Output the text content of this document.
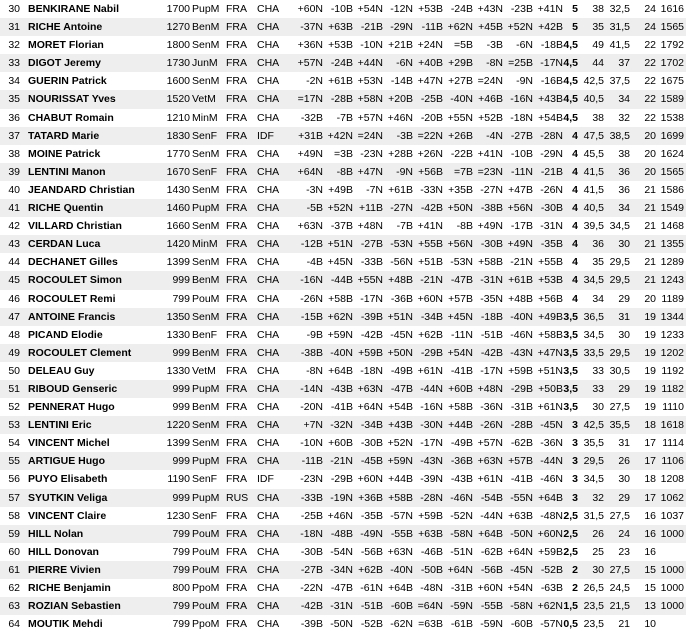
30 BENKIRANE Nabil	1700 PupM FRA CHA	+60N -10B +54N -12N +53B -24B +43N -23B +41N 5	38 32,5	24 1616
31 RICHE Antoine	1270 BenM FRA CHA	-37N +63B -21B -29N -11B +62N +45B +52N +42B 5	35 31,5	24 1565
32 MORET Florian	1800 SenM FRA CHA	+36N +53B -10N +21B +24N	=5B	-3B	-6N -18B 4,5	49 41,5	22 1792
33 DIGOT Jeremy	1730 JunM FRA CHA	+57N -24B +44N	-6N +40B +29B	-8N =25B -17N 4,5	44	37	22 1702
34 GUERIN Patrick	1600 SenM FRA CHA	-2N +61B +53N -14B +47N +27B =24N	-9N -16B 4,5 42,5 37,5	22 1675
35 NOURISSAT Yves	1520 VetM FRA CHA	=17N -28B +58N +20B -25B -40N +46B -16N +43B 4,5 40,5	34	22 1589
36 CHABUT Romain	1210 MinM FRA CHA	-32B	-7B +57N +46N -20B +55N +52B -18N +54B 4,5	38	32	22 1538
37 TATARD Marie	1830 SenF FRA IDF	+31B +42N =24N	-3B =22N +26B	-4N -27B -28N 4 47,5 38,5	20 1699
38 MOINE Patrick	1770 SenM FRA CHA	+49N	=3B -23N +28B +26N -22B +41N -10B -29N 4 45,5	38	20 1624
39 LENTINI Manon	1670 SenF FRA CHA	+64N	-8B +47N	-9N +56B	=7B =23N -11N -21B 4 41,5	36	20 1565
40 JEANDARD Christian	1430 SenM FRA CHA	-3N +49B	-7N +61B -33N +35B -27N +47B -26N 4 41,5	36	21 1586
41 RICHE Quentin	1460 PupM FRA CHA	-5B +52N +11B -27N -42B +50N -38B +56N -30B 4 40,5	34	21 1549
42 VILLARD Christian	1660 SenM FRA CHA	+63N -37B +48N	-7B +41N	-8B +49N -17B -31N 4 39,5 34,5	21 1468
43 CERDAN Luca	1420 MinM FRA CHA	-12B +51N -27B -53N +55B +56N -30B +49N -35B 4	36	30	21 1355
44 DECHANET Gilles	1399 SenM FRA CHA	-4B +45N -33B -56N +51B -53N +58B -21N +55B 4	35 29,5	21 1289
45 ROCOULET Simon	999 BenM FRA CHA	-16N -44B +55N +48B -21N -47B -31N +61B +53B 4 34,5 29,5	21 1243
46 ROCOULET Remi	799 PouM FRA CHA	-26N +58B -17N -36B +60N +57B -35N +48B +56B 4	34	29	20 1189
47 ANTOINE Francis	1350 SenM FRA CHA	-15B +62N -39B +51N -34B +45N -18B -40N +49B 3,5 36,5	31	19 1344
48 PICAND Elodie	1330 BenF FRA CHA	-9B +59N -42B -45N +62B -11N -51B -46N +58B 3,5 34,5	30	19 1233
49 ROCOULET Clement	999 BenM FRA CHA	-38B -40N +59B +50N -29B +54N -42B -43N +47N 3,5 33,5 29,5	19 1202
50 DELEAU Guy	1330 VetM FRA CHA	-8N +64B -18N -49B +61N -41B -17N +59B +51N 3,5	33 30,5	19 1192
51 RIBOUD Genseric	999 PupM FRA CHA	-14N -43B +63N -47B -44N +60B +48N -29B +50B 3,5	33	29	19 1182
52 PENNERAT Hugo	999 BenM FRA CHA	-20N -41B +64N +54B -16N +58B -36N -31B +61N 3,5	30 27,5	19 1110
53 LENTINI Eric	1220 SenM FRA CHA	+7N -32N -34B +43B -30N +44B -26N -28B -45N 3 42,5 35,5	18 1618
54 VINCENT Michel	1399 SenM FRA CHA	-10N +60B -30B +52N -17N -49B +57N -62B -36N 3 35,5	31	17 1114
55 ARTIGUE Hugo	999 PupM FRA CHA	-11B -21N -45B +59N -43N -36B +63N +57B -44N 3 29,5	26	17 1106
56 PUYO Elisabeth	1190 SenF FRA IDF	-23N -29B +60N +44B -39N -43B +61N -41B -46N 3 34,5	30	18 1208
57 SYUTKIN Veliga	999 PupM RUS CHA	-33B -19N +36B +58B -28N -46N -54B -55N +64B 3	32	29	17 1062
58 VINCENT Claire	1230 SenF FRA CHA	-25B +46N -35B -57N +59B -52N -44N +63B -48N 2,5 31,5 27,5	16 1037
59 HILL Nolan	799 PouM FRA CHA	-18N -48B -49N -55B +63B -58N +64B -50N +60N 2,5	26	24	16 1000
60 HILL Donovan	799 PouM FRA CHA	-30B -54N -56B +63N -46B -51N -62B +64N +59B 2,5	25	23	16
61 PIERRE Vivien	799 PouM FRA CHA	-27B -34N +62B -40N -50B +64N -56B -45N -52B 2	30 27,5	15 1000
62 RICHE Benjamin	800 PpoM FRA CHA	-22N -47B -61N +64B -48N -31B +60N +54N -63B 2 26,5 24,5	15 1000
63 ROZIAN Sebastien	799 PouM FRA CHA	-42B -31N -51B -60B =64N -59N -55B -58N +62N 1,5 23,5 21,5	13 1000
64 MOUTIK Mehdi	799 PpoM FRA CHA	-39B -50N -52B -62N =63B -61B -59N -60B -57N 0,5 23,5	21	10
